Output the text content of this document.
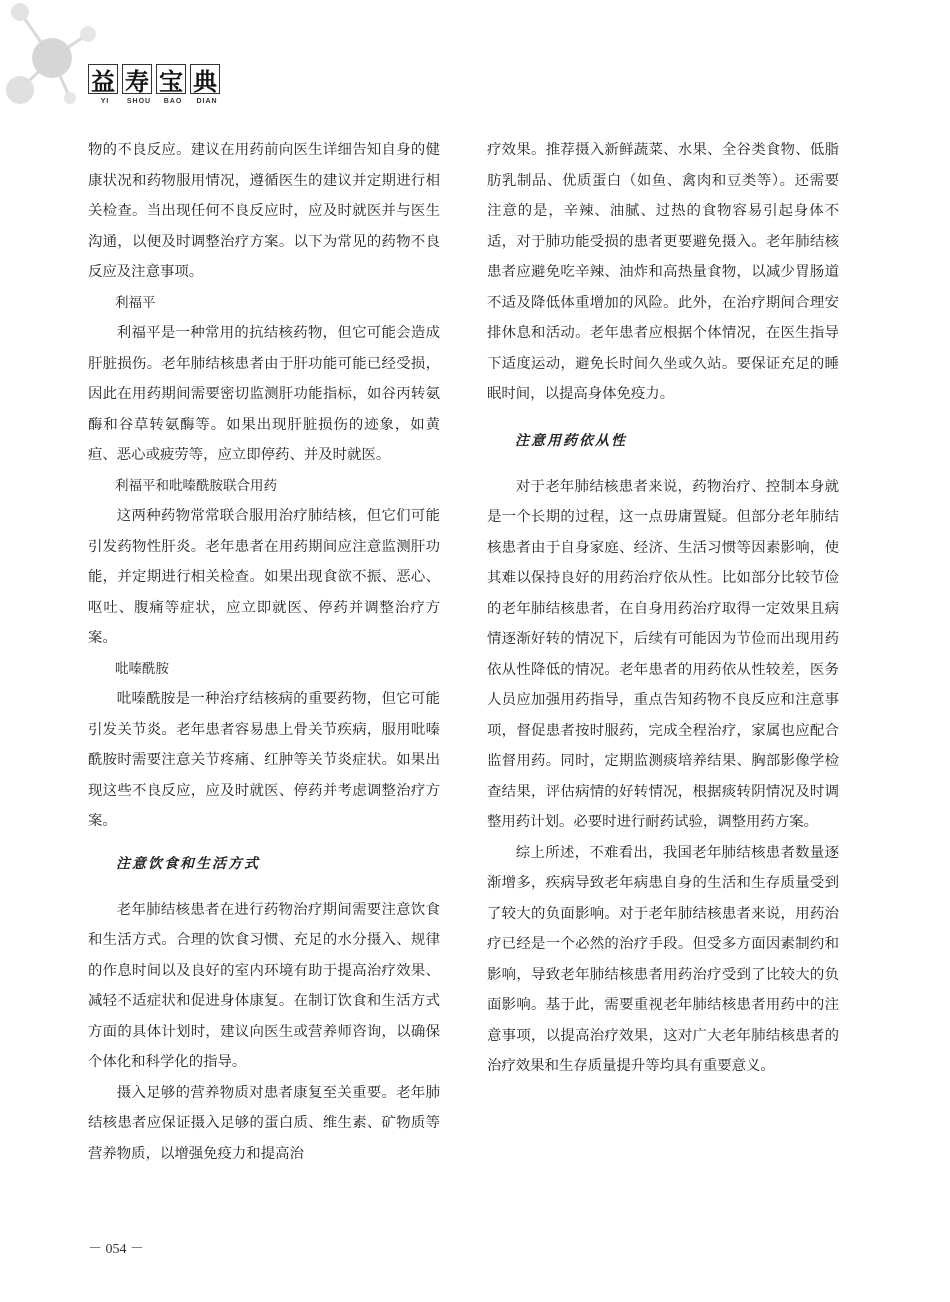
益 寿 宝 典
YI	SHOU	BAO	DIAN

物的不良反应。建议在用药前向医生详细告知自身的健康状况和药物服用情况，遵循医生的建议并定期进行相关检查。当出现任何不良反应时，应及时就医并与医生沟通，以便及时调整治疗方案。以下为常见的药物不良反应及注意事项。

利福平

利福平是一种常用的抗结核药物，但它可能会造成肝脏损伤。老年肺结核患者由于肝功能可能已经受损，因此在用药期间需要密切监测肝功能指标，如谷丙转氨酶和谷草转氨酶等。如果出现肝脏损伤的迹象，如黄疸、恶心或疲劳等，应立即停药、并及时就医。

利福平和吡嗪酰胺联合用药

这两种药物常常联合服用治疗肺结核，但它们可能引发药物性肝炎。老年患者在用药期间应注意监测肝功能，并定期进行相关检查。如果出现食欲不振、恶心、呕吐、腹痛等症状，应立即就医、停药并调整治疗方案。

吡嗪酰胺

吡嗪酰胺是一种治疗结核病的重要药物，但它可能引发关节炎。老年患者容易患上骨关节疾病，服用吡嗪酰胺时需要注意关节疼痛、红肿等关节炎症状。如果出现这些不良反应，应及时就医、停药并考虑调整治疗方案。

注意饮食和生活方式

老年肺结核患者在进行药物治疗期间需要注意饮食和生活方式。合理的饮食习惯、充足的水分摄入、规律的作息时间以及良好的室内环境有助于提高治疗效果、减轻不适症状和促进身体康复。在制订饮食和生活方式方面的具体计划时，建议向医生或营养师咨询，以确保个体化和科学化的指导。

摄入足够的营养物质对患者康复至关重要。老年肺结核患者应保证摄入足够的蛋白质、维生素、矿物质等营养物质，以增强免疫力和提高治

疗效果。推荐摄入新鲜蔬菜、水果、全谷类食物、低脂肪乳制品、优质蛋白（如鱼、禽肉和豆类等）。还需要注意的是，辛辣、油腻、过热的食物容易引起身体不适，对于肺功能受损的患者更要避免摄入。老年肺结核患者应避免吃辛辣、油炸和高热量食物，以减少胃肠道不适及降低体重增加的风险。此外，在治疗期间合理安排休息和活动。老年患者应根据个体情况，在医生指导下适度运动，避免长时间久坐或久站。要保证充足的睡眠时间，以提高身体免疫力。

注意用药依从性

对于老年肺结核患者来说，药物治疗、控制本身就是一个长期的过程，这一点毋庸置疑。但部分老年肺结核患者由于自身家庭、经济、生活习惯等因素影响，使其难以保持良好的用药治疗依从性。比如部分比较节俭的老年肺结核患者，在自身用药治疗取得一定效果且病情逐渐好转的情况下，后续有可能因为节俭而出现用药依从性降低的情况。老年患者的用药依从性较差，医务人员应加强用药指导，重点告知药物不良反应和注意事项，督促患者按时服药，完成全程治疗，家属也应配合监督用药。同时，定期监测痰培养结果、胸部影像学检查结果，评估病情的好转情况，根据痰转阴情况及时调整用药计划。必要时进行耐药试验，调整用药方案。

综上所述，不难看出，我国老年肺结核患者数量逐渐增多，疾病导致老年病患自身的生活和生存质量受到了较大的负面影响。对于老年肺结核患者来说，用药治疗已经是一个必然的治疗手段。但受多方面因素制约和影响，导致老年肺结核患者用药治疗受到了比较大的负面影响。基于此，需要重视老年肺结核患者用药中的注意事项，以提高治疗效果，这对广大老年肺结核患者的治疗效果和生存质量提升等均具有重要意义。

－ 054 －
